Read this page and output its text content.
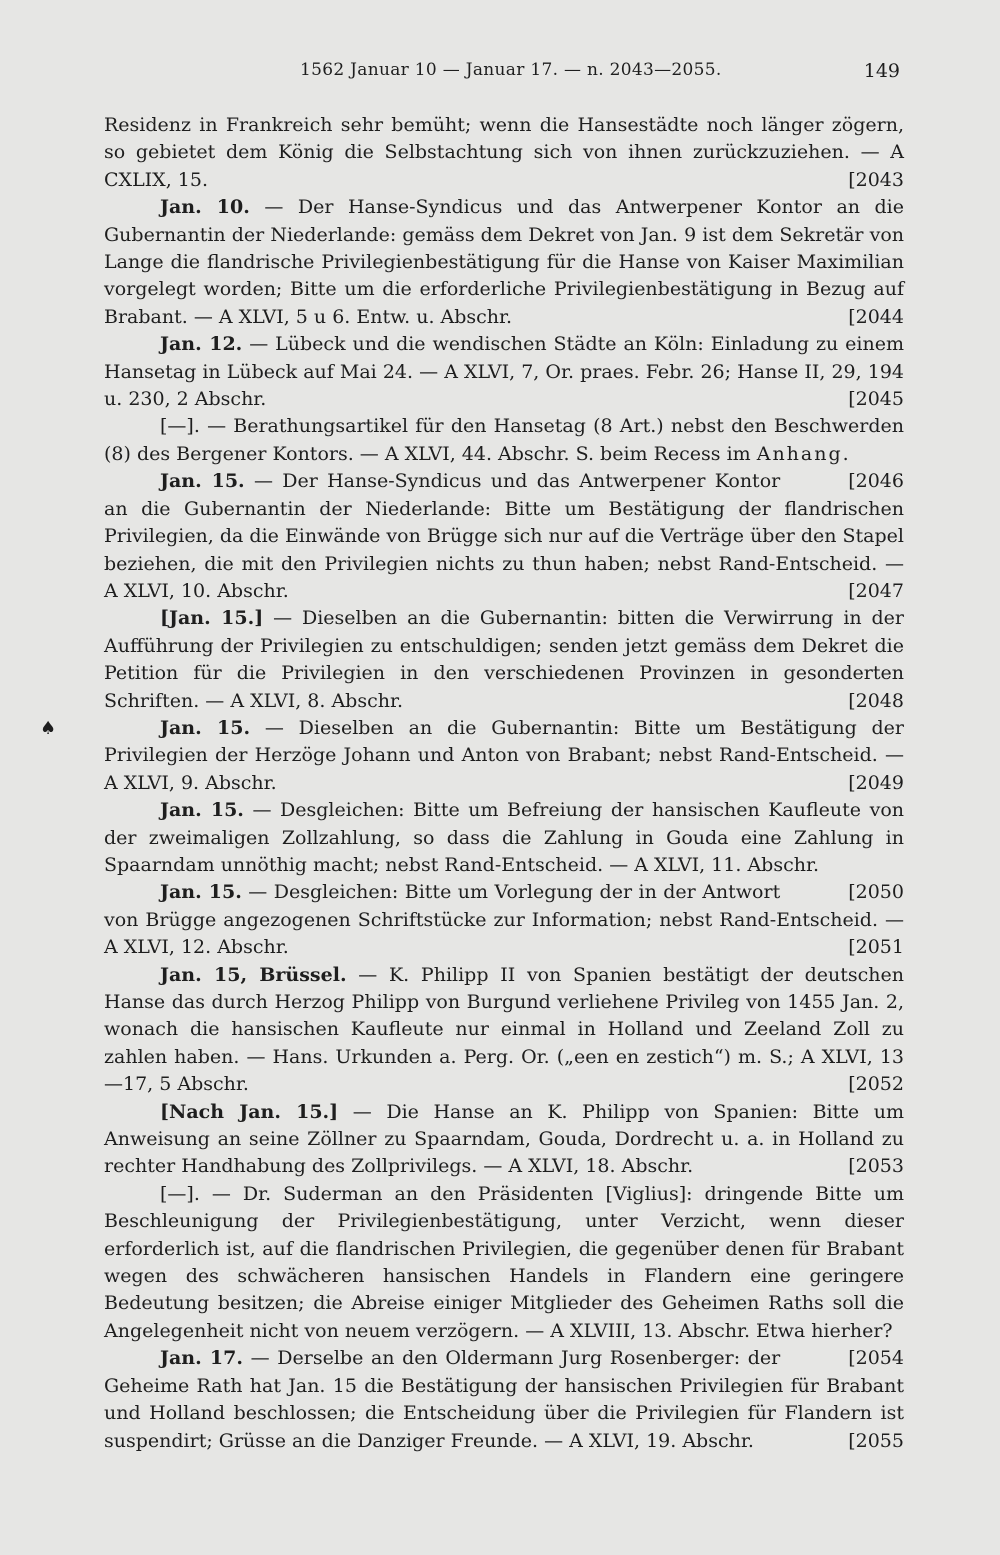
1562 Januar 10 — Januar 17. — n. 2043—2055.	149
♠

Residenz in Frankreich sehr bemüht; wenn die Hansestädte noch länger zögern, so gebietet dem König die Selbstachtung sich von ihnen zurückzuziehen. — A CXLIX, 15.	[2043

Jan. 10. — Der Hanse-Syndicus und das Antwerpener Kontor an die Gubernantin der Niederlande: gemäss dem Dekret von Jan. 9 ist dem Sekretär von Lange die flandrische Privilegienbestätigung für die Hanse von Kaiser Maximilian vorgelegt worden; Bitte um die erforderliche Privilegienbestätigung in Bezug auf Brabant. — A XLVI, 5 u 6. Entw. u. Abschr.	[2044

Jan. 12. — Lübeck und die wendischen Städte an Köln: Einladung zu einem Hansetag in Lübeck auf Mai 24. — A XLVI, 7, Or. praes. Febr. 26; Hanse II, 29, 194 u. 230, 2 Abschr.	[2045

[—]. — Berathungsartikel für den Hansetag (8 Art.) nebst den Beschwerden (8) des Bergener Kontors. — A XLVI, 44. Abschr. S. beim Recess im Anhang.
[2046

Jan. 15. — Der Hanse-Syndicus und das Antwerpener Kontor an die Gubernantin der Niederlande: Bitte um Bestätigung der flandrischen Privilegien, da die Einwände von Brügge sich nur auf die Verträge über den Stapel beziehen, die mit den Privilegien nichts zu thun haben; nebst Rand-Entscheid. — A XLVI, 10. Abschr.	[2047

[Jan. 15.] — Dieselben an die Gubernantin: bitten die Verwirrung in der Aufführung der Privilegien zu entschuldigen; senden jetzt gemäss dem Dekret die Petition für die Privilegien in den verschiedenen Provinzen in gesonderten Schriften. — A XLVI, 8. Abschr.	[2048

Jan. 15. — Dieselben an die Gubernantin: Bitte um Bestätigung der Privilegien der Herzöge Johann und Anton von Brabant; nebst Rand-Entscheid. — A XLVI, 9. Abschr.	[2049

Jan. 15. — Desgleichen: Bitte um Befreiung der hansischen Kaufleute von der zweimaligen Zollzahlung, so dass die Zahlung in Gouda eine Zahlung in Spaarndam unnöthig macht; nebst Rand-Entscheid. — A XLVI, 11. Abschr.
[2050

Jan. 15. — Desgleichen: Bitte um Vorlegung der in der Antwort von Brügge angezogenen Schriftstücke zur Information; nebst Rand-Entscheid. — A XLVI, 12. Abschr.	[2051

Jan. 15, Brüssel. — K. Philipp II von Spanien bestätigt der deutschen Hanse das durch Herzog Philipp von Burgund verliehene Privileg von 1455 Jan. 2, wonach die hansischen Kaufleute nur einmal in Holland und Zeeland Zoll zu zahlen haben. — Hans. Urkunden a. Perg. Or. („een en zestich“) m. S.; A XLVI, 13—17, 5 Abschr.	[2052

[Nach Jan. 15.] — Die Hanse an K. Philipp von Spanien: Bitte um Anweisung an seine Zöllner zu Spaarndam, Gouda, Dordrecht u. a. in Holland zu rechter Handhabung des Zollprivilegs. — A XLVI, 18. Abschr.	[2053

[—]. — Dr. Suderman an den Präsidenten [Viglius]: dringende Bitte um Beschleunigung der Privilegienbestätigung, unter Verzicht, wenn dieser erforderlich ist, auf die flandrischen Privilegien, die gegenüber denen für Brabant wegen des schwächeren hansischen Handels in Flandern eine geringere Bedeutung besitzen; die Abreise einiger Mitglieder des Geheimen Raths soll die Angelegenheit nicht von neuem verzögern. — A XLVIII, 13. Abschr. Etwa hierher?
[2054

Jan. 17. — Derselbe an den Oldermann Jurg Rosenberger: der Geheime Rath hat Jan. 15 die Bestätigung der hansischen Privilegien für Brabant und Holland beschlossen; die Entscheidung über die Privilegien für Flandern ist suspendirt; Grüsse an die Danziger Freunde. — A XLVI, 19. Abschr.	[2055
